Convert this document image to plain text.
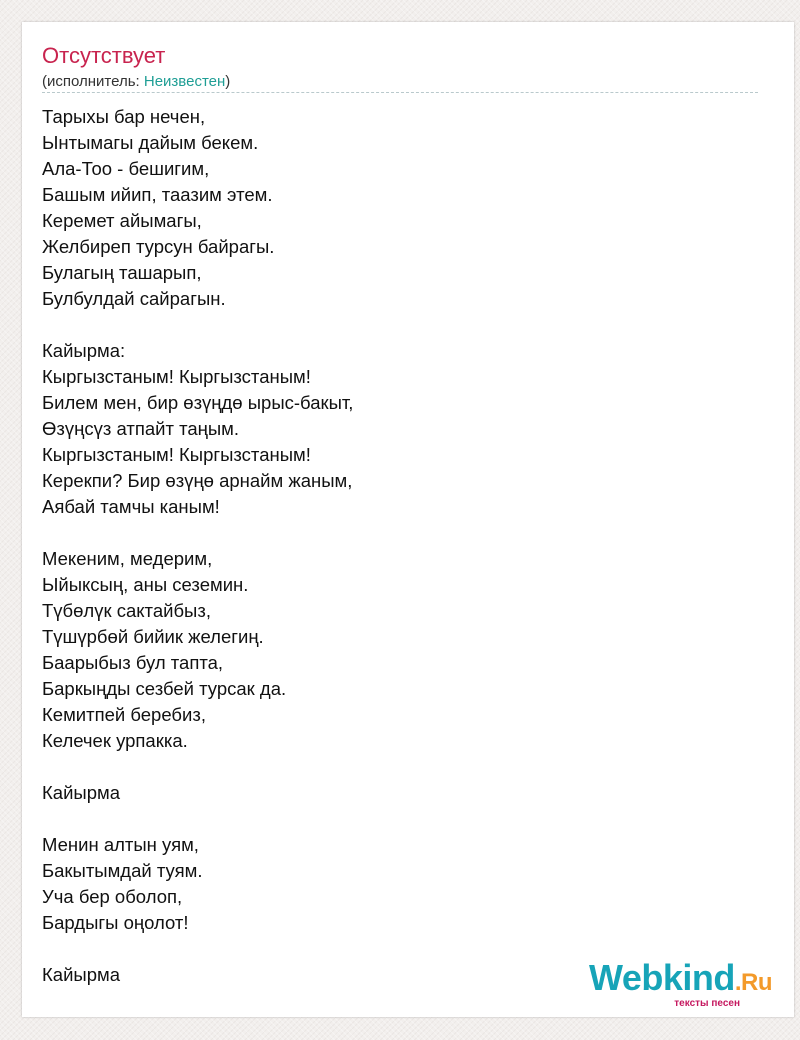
Отсутствует
(исполнитель: Неизвестен)
Тарыхы бар нечен,
Ынтымагы дайым бекем.
Ала-Тоо - бешигим,
Башым ийип, таазим этем.
Керемет айымагы,
Желбиреп турсун байрагы.
Булагың ташарып,
Булбулдай сайрагын.
Кайырма:
Кыргызстаным! Кыргызстаным!
Билем мен, бир өзүңдө ырыс-бакыт,
Өзүңсүз атпайт таңым.
Кыргызстаным! Кыргызстаным!
Керекпи? Бир өзүңө арнайм жаным,
Аябай тамчы каным!
Мекеним, медерим,
Ыйыксың, аны сеземин.
Түбөлүк сактайбыз,
Түшүрбөй бийик желегиң.
Баарыбыз бул тапта,
Баркыңды сезбей турсак да.
Кемитпей беребиз,
Келечек урпакка.
Кайырма
Менин алтын уям,
Бакытымдай туям.
Уча бер оболоп,
Бардыгы оңолот!
Кайырма	Webkind.Ru
тексты песен
